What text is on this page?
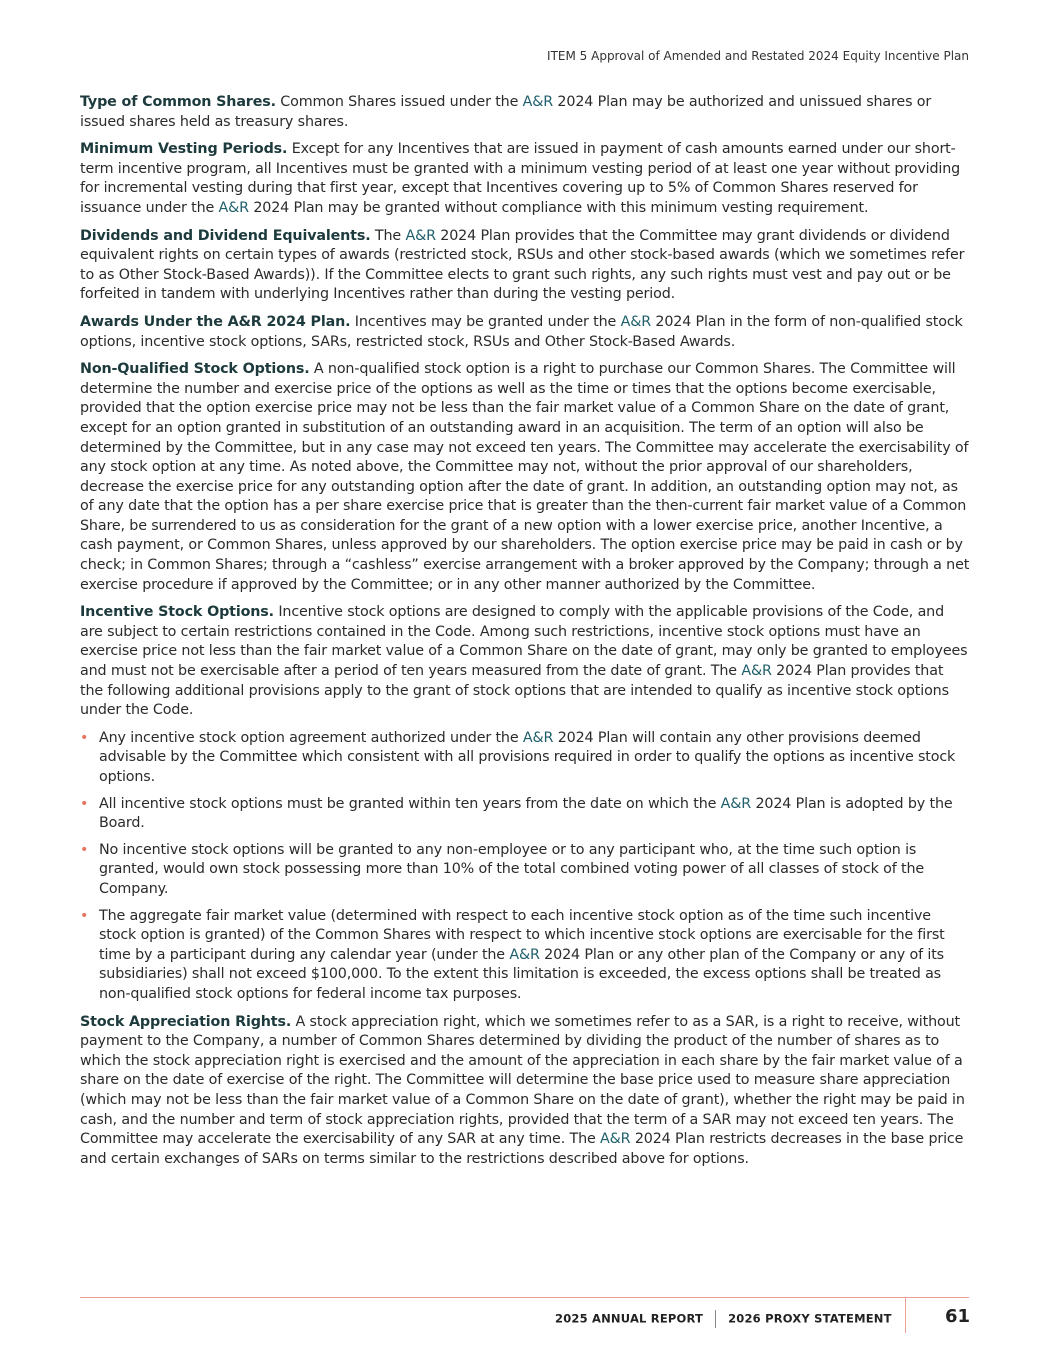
ITEM 5 Approval of Amended and Restated 2024 Equity Incentive Plan

Type of Common Shares. Common Shares issued under the A&R 2024 Plan may be authorized and unissued shares or issued shares held as treasury shares.

Minimum Vesting Periods. Except for any Incentives that are issued in payment of cash amounts earned under our short-term incentive program, all Incentives must be granted with a minimum vesting period of at least one year without providing for incremental vesting during that first year, except that Incentives covering up to 5% of Common Shares reserved for issuance under the A&R 2024 Plan may be granted without compliance with this minimum vesting requirement.

Dividends and Dividend Equivalents. The A&R 2024 Plan provides that the Committee may grant dividends or dividend equivalent rights on certain types of awards (restricted stock, RSUs and other stock-based awards (which we sometimes refer to as Other Stock-Based Awards)). If the Committee elects to grant such rights, any such rights must vest and pay out or be forfeited in tandem with underlying Incentives rather than during the vesting period.

Awards Under the A&R 2024 Plan. Incentives may be granted under the A&R 2024 Plan in the form of non-qualified stock options, incentive stock options, SARs, restricted stock, RSUs and Other Stock-Based Awards.

Non-Qualified Stock Options. A non-qualified stock option is a right to purchase our Common Shares. The Committee will determine the number and exercise price of the options as well as the time or times that the options become exercisable, provided that the option exercise price may not be less than the fair market value of a Common Share on the date of grant, except for an option granted in substitution of an outstanding award in an acquisition. The term of an option will also be determined by the Committee, but in any case may not exceed ten years. The Committee may accelerate the exercisability of any stock option at any time. As noted above, the Committee may not, without the prior approval of our shareholders, decrease the exercise price for any outstanding option after the date of grant. In addition, an outstanding option may not, as of any date that the option has a per share exercise price that is greater than the then-current fair market value of a Common Share, be surrendered to us as consideration for the grant of a new option with a lower exercise price, another Incentive, a cash payment, or Common Shares, unless approved by our shareholders. The option exercise price may be paid in cash or by check; in Common Shares; through a “cashless” exercise arrangement with a broker approved by the Company; through a net exercise procedure if approved by the Committee; or in any other manner authorized by the Committee.

Incentive Stock Options. Incentive stock options are designed to comply with the applicable provisions of the Code, and are subject to certain restrictions contained in the Code. Among such restrictions, incentive stock options must have an exercise price not less than the fair market value of a Common Share on the date of grant, may only be granted to employees and must not be exercisable after a period of ten years measured from the date of grant. The A&R 2024 Plan provides that the following additional provisions apply to the grant of stock options that are intended to qualify as incentive stock options under the Code.

• Any incentive stock option agreement authorized under the A&R 2024 Plan will contain any other provisions deemed advisable by the Committee which consistent with all provisions required in order to qualify the options as incentive stock options.
• All incentive stock options must be granted within ten years from the date on which the A&R 2024 Plan is adopted by the Board.
• No incentive stock options will be granted to any non-employee or to any participant who, at the time such option is granted, would own stock possessing more than 10% of the total combined voting power of all classes of stock of the Company.
• The aggregate fair market value (determined with respect to each incentive stock option as of the time such incentive stock option is granted) of the Common Shares with respect to which incentive stock options are exercisable for the first time by a participant during any calendar year (under the A&R 2024 Plan or any other plan of the Company or any of its subsidiaries) shall not exceed $100,000. To the extent this limitation is exceeded, the excess options shall be treated as non-qualified stock options for federal income tax purposes.

Stock Appreciation Rights. A stock appreciation right, which we sometimes refer to as a SAR, is a right to receive, without payment to the Company, a number of Common Shares determined by dividing the product of the number of shares as to which the stock appreciation right is exercised and the amount of the appreciation in each share by the fair market value of a share on the date of exercise of the right. The Committee will determine the base price used to measure share appreciation (which may not be less than the fair market value of a Common Share on the date of grant), whether the right may be paid in cash, and the number and term of stock appreciation rights, provided that the term of a SAR may not exceed ten years. The Committee may accelerate the exercisability of any SAR at any time. The A&R 2024 Plan restricts decreases in the base price and certain exchanges of SARs on terms similar to the restrictions described above for options.

2025 ANNUAL REPORT 2026 PROXY STATEMENT	61
